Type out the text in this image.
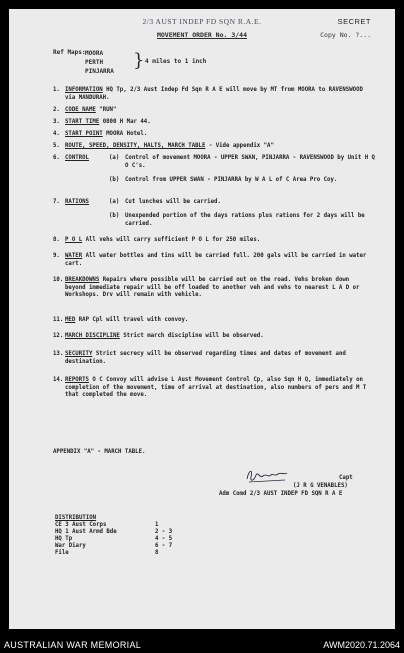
2/3 AUST INDEP FD SQN R.A.E.	SECRET
Copy No. ?...
MOVEMENT ORDER No. 3/44
Ref Maps: MOORA
PERTH
PINJARRA
} 4 miles to 1 inch
1. INFORMATION HQ Tp, 2/3 Aust Indep Fd Sqn R A E will move by MT from MOORA to RAVENSWOOD via MANDURAH.
2. CODE NAME "RUN"
3. START TIME 0800 H Mar 44.
4. START POINT MOORA Hotel.
5. ROUTE, SPEED, DENSITY, HALTS, MARCH TABLE - Vide appendix "A"
6. CONTROL	(a) Control of movement MOORA - UPPER SWAN, PINJARRA - RAVENSWOOD by Unit H Q O C's.
(b) Control from UPPER SWAN - PINJARRA by W A L of C Area Pro Coy.
7. RATIONS	(a) Cut lunches will be carried.
(b) Unexpended portion of the days rations plus rations for 2 days will be carried.
8. P O L All vehs will carry sufficient P O L for 250 miles.
9. WATER All water bottles and tins will be carried full. 200 gals will be carried in water cart.
10. BREAKDOWNS Repairs where possible will be carried out on the road. Vehs broken down beyond immediate repair will be off loaded to another veh and vehs to nearest L A D or Workshops. Drv will remain with vehicle.
11. MED RAP Cpl will travel with convoy.
12. MARCH DISCIPLINE Strict march discipline will be observed.
13. SECURITY Strict secrecy will be observed regarding times and dates of movement and destination.
14. REPORTS O C Convoy will advise L Aust Movement Control Cp, also Sqn H Q, immediately on completion of the movement, time of arrival at destination, also numbers of pers and M T that completed the move.
APPENDIX "A" - MARCH TABLE.
Capt
(J R G VENABLES)
Adm Comd 2/3 AUST INDEP FD SQN R A E
DISTRIBUTION
CE 3 Aust Corps	1
HQ 1 Aust Armd Bde	2 - 3
HQ Tp	4 - 5
War Diary	6 - 7
File	8
AUSTRALIAN WAR MEMORIAL	AWM2020.71.2064
